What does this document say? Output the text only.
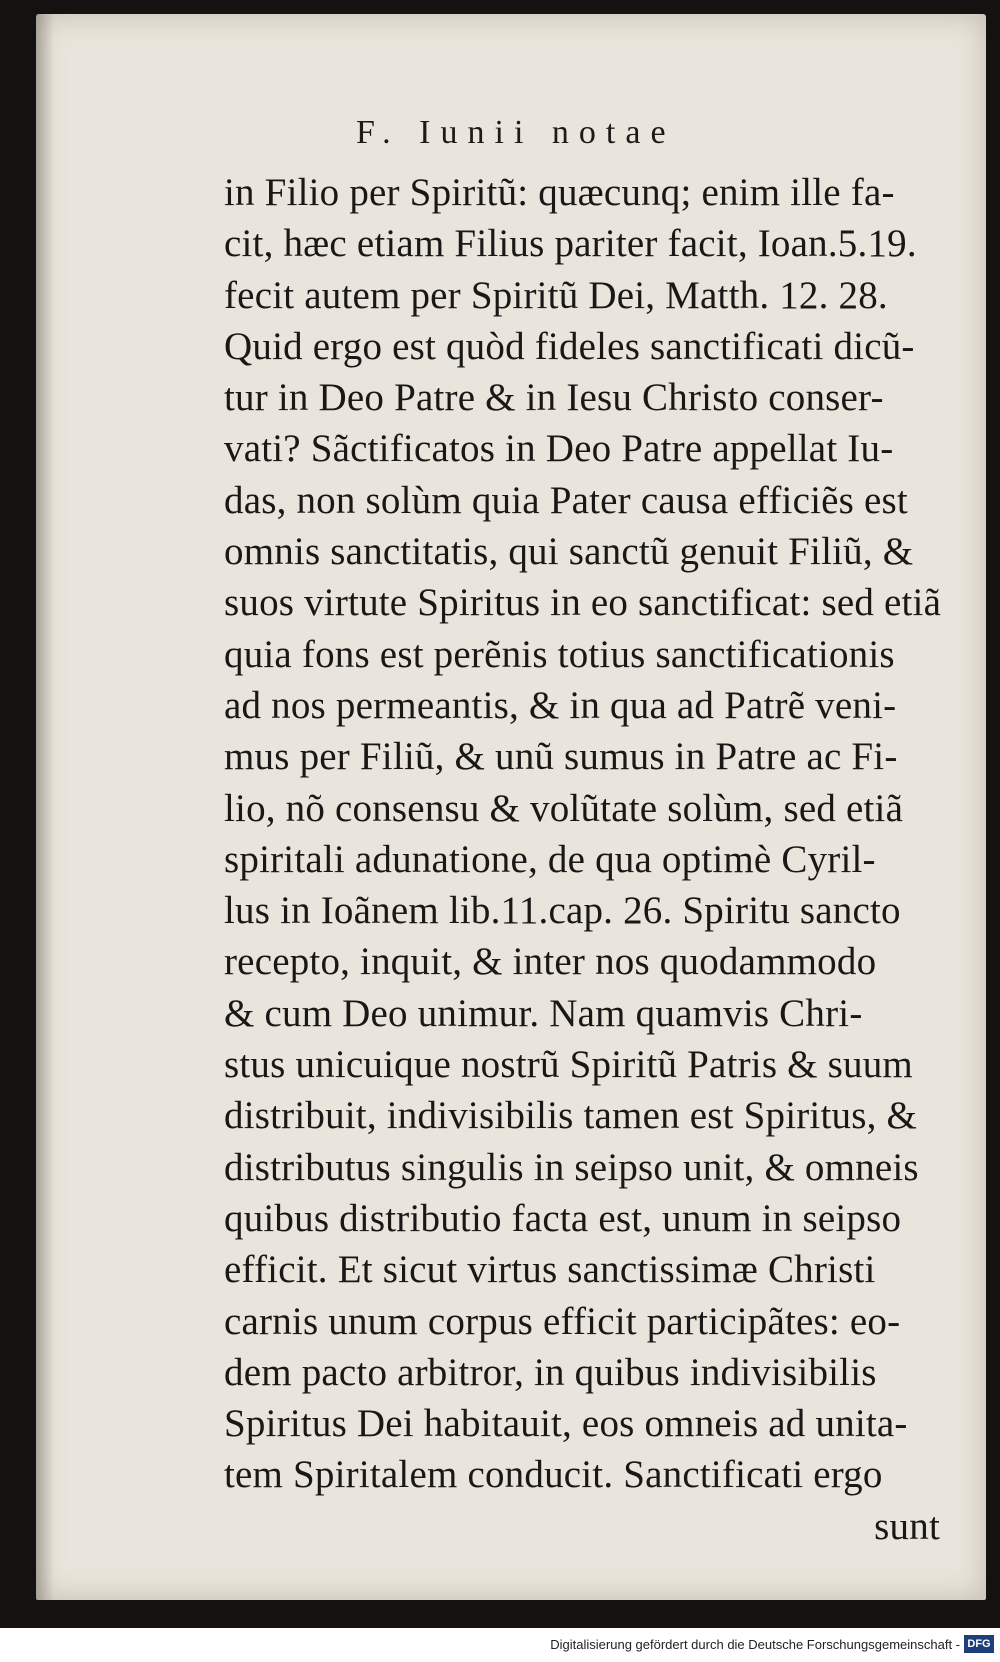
F. Iunii notae
in Filio per Spiritũ: quæcunq; enim ille fa-
cit, hæc etiam Filius pariter facit, Ioan.5.19.
fecit autem per Spiritũ Dei, Matth. 12. 28.
Quid ergo est quòd fideles sanctificati dicũ-
tur in Deo Patre & in Iesu Christo conser-
vati? Sãctificatos in Deo Patre appellat Iu-
das, non solùm quia Pater causa efficiẽs est
omnis sanctitatis, qui sanctũ genuit Filiũ, &
suos virtute Spiritus in eo sanctificat: sed etiã
quia fons est perẽnis totius sanctificationis
ad nos permeantis, & in qua ad Patrẽ veni-
mus per Filiũ, & unũ sumus in Patre ac Fi-
lio, nõ consensu & volũtate solùm, sed etiã
spiritali adunatione, de qua optimè Cyril-
lus in Ioãnem lib.11.cap. 26. Spiritu sancto
recepto, inquit, & inter nos quodammodo
& cum Deo unimur. Nam quamvis Chri-
stus unicuique nostrũ Spiritũ Patris & suum
distribuit, indivisibilis tamen est Spiritus, &
distributus singulis in seipso unit, & omneis
quibus distributio facta est, unum in seipso
efficit. Et sicut virtus sanctissimæ Christi
carnis unum corpus efficit participãtes: eo-
dem pacto arbitror, in quibus indivisibilis
Spiritus Dei habitauit, eos omneis ad unita-
tem Spiritalem conducit. Sanctificati ergo
sunt
Digitalisierung gefördert durch die Deutsche Forschungsgemeinschaft - DFG
